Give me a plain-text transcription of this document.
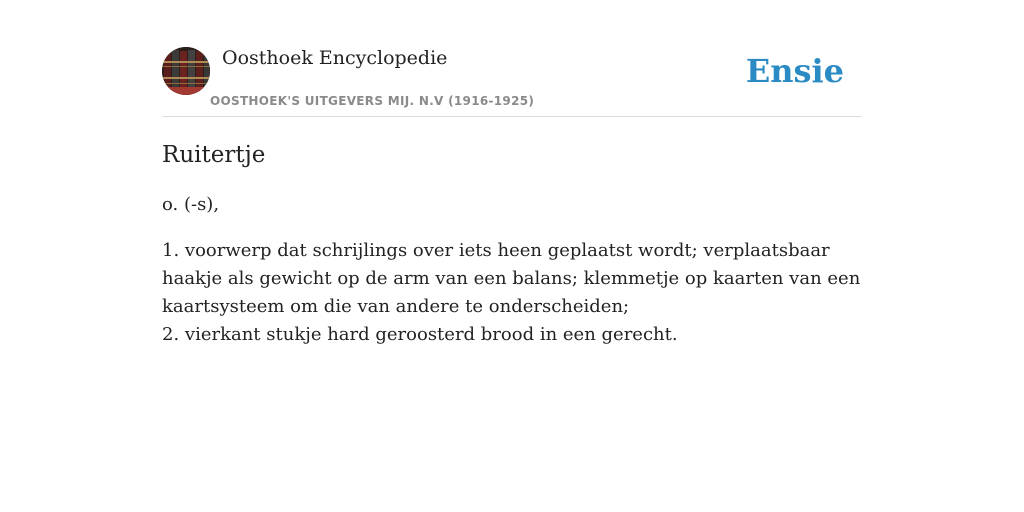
Oosthoek Encyclopedie
OOSTHOEK'S UITGEVERS MIJ. N.V (1916-1925)
Ensie
Ruitertje

o. (-s),

1. voorwerp dat schrijlings over iets heen geplaatst wordt; verplaatsbaar haakje als gewicht op de arm van een balans; klemmetje op kaarten van een kaartsysteem om die van andere te onderscheiden;
2. vierkant stukje hard geroosterd brood in een gerecht.
